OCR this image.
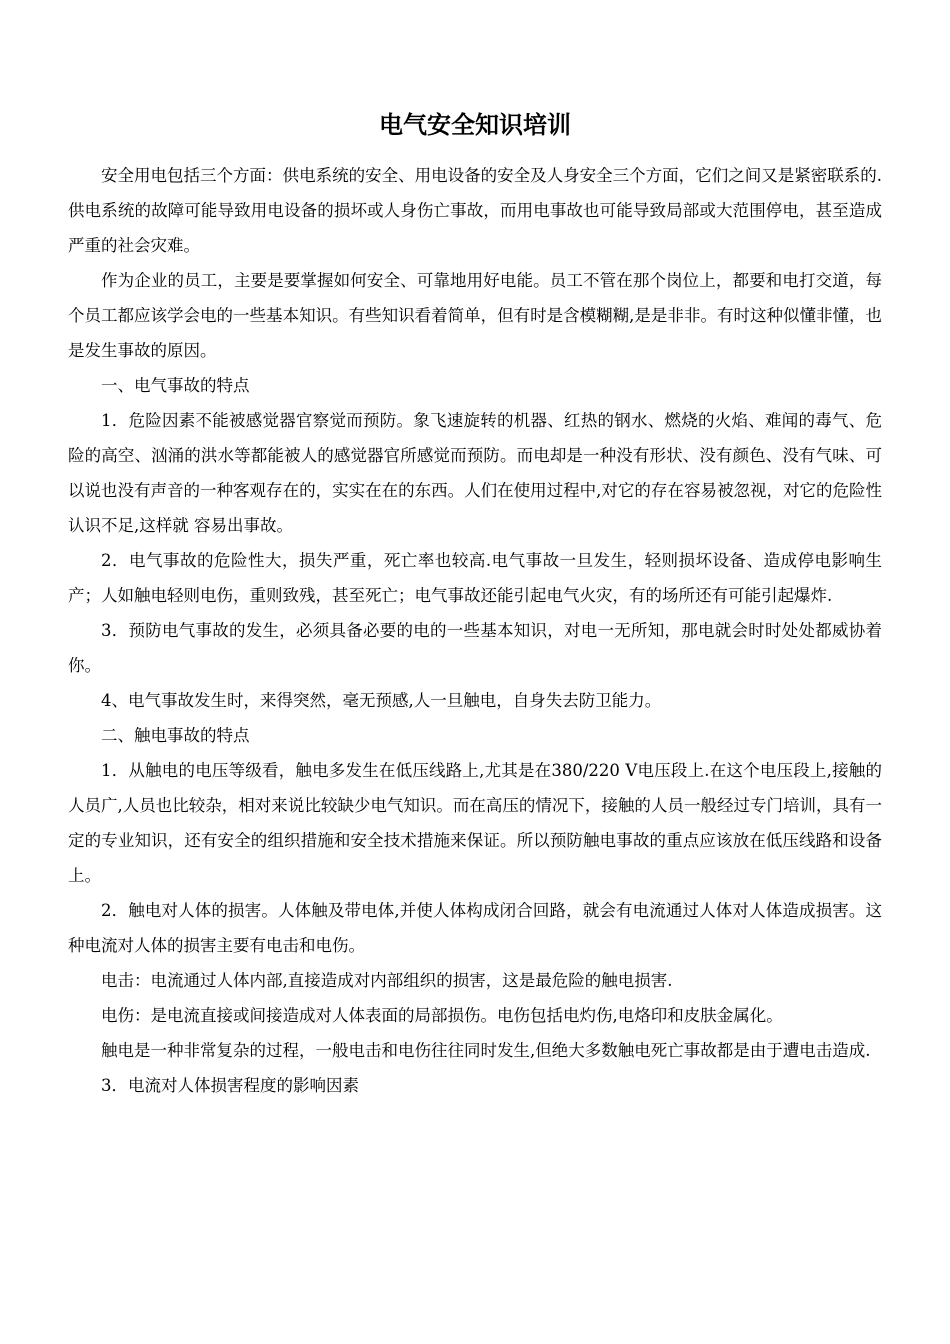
电气安全知识培训

安全用电包括三个方面：供电系统的安全、用电设备的安全及人身安全三个方面，它们之间又是紧密联系的.供电系统的故障可能导致用电设备的损坏或人身伤亡事故，而用电事故也可能导致局部或大范围停电，甚至造成严重的社会灾难。

作为企业的员工，主要是要掌握如何安全、可靠地用好电能。员工不管在那个岗位上，都要和电打交道，每个员工都应该学会电的一些基本知识。有些知识看着简单，但有时是含模糊糊,是是非非。有时这种似懂非懂，也是发生事故的原因。

一、电气事故的特点

1．危险因素不能被感觉器官察觉而预防。象飞速旋转的机器、红热的钢水、燃烧的火焰、难闻的毒气、危险的高空、汹涌的洪水等都能被人的感觉器官所感觉而预防。而电却是一种没有形状、没有颜色、没有气味、可以说也没有声音的一种客观存在的，实实在在的东西。人们在使用过程中,对它的存在容易被忽视，对它的危险性认识不足,这样就 容易出事故。

2．电气事故的危险性大，损失严重，死亡率也较高.电气事故一旦发生，轻则损坏设备、造成停电影响生产；人如触电轻则电伤，重则致残，甚至死亡；电气事故还能引起电气火灾，有的场所还有可能引起爆炸.

3．预防电气事故的发生，必须具备必要的电的一些基本知识，对电一无所知，那电就会时时处处都威协着你。

4、电气事故发生时，来得突然，毫无预感,人一旦触电，自身失去防卫能力。

二、触电事故的特点

1．从触电的电压等级看，触电多发生在低压线路上,尤其是在380/220 V电压段上.在这个电压段上,接触的人员广,人员也比较杂，相对来说比较缺少电气知识。而在高压的情况下，接触的人员一般经过专门培训，具有一定的专业知识，还有安全的组织措施和安全技术措施来保证。所以预防触电事故的重点应该放在低压线路和设备上。

2．触电对人体的损害。人体触及带电体,并使人体构成闭合回路，就会有电流通过人体对人体造成损害。这种电流对人体的损害主要有电击和电伤。

电击：电流通过人体内部,直接造成对内部组织的损害，这是最危险的触电损害.

电伤：是电流直接或间接造成对人体表面的局部损伤。电伤包括电灼伤,电烙印和皮肤金属化。

触电是一种非常复杂的过程，一般电击和电伤往往同时发生,但绝大多数触电死亡事故都是由于遭电击造成.

3．电流对人体损害程度的影响因素
